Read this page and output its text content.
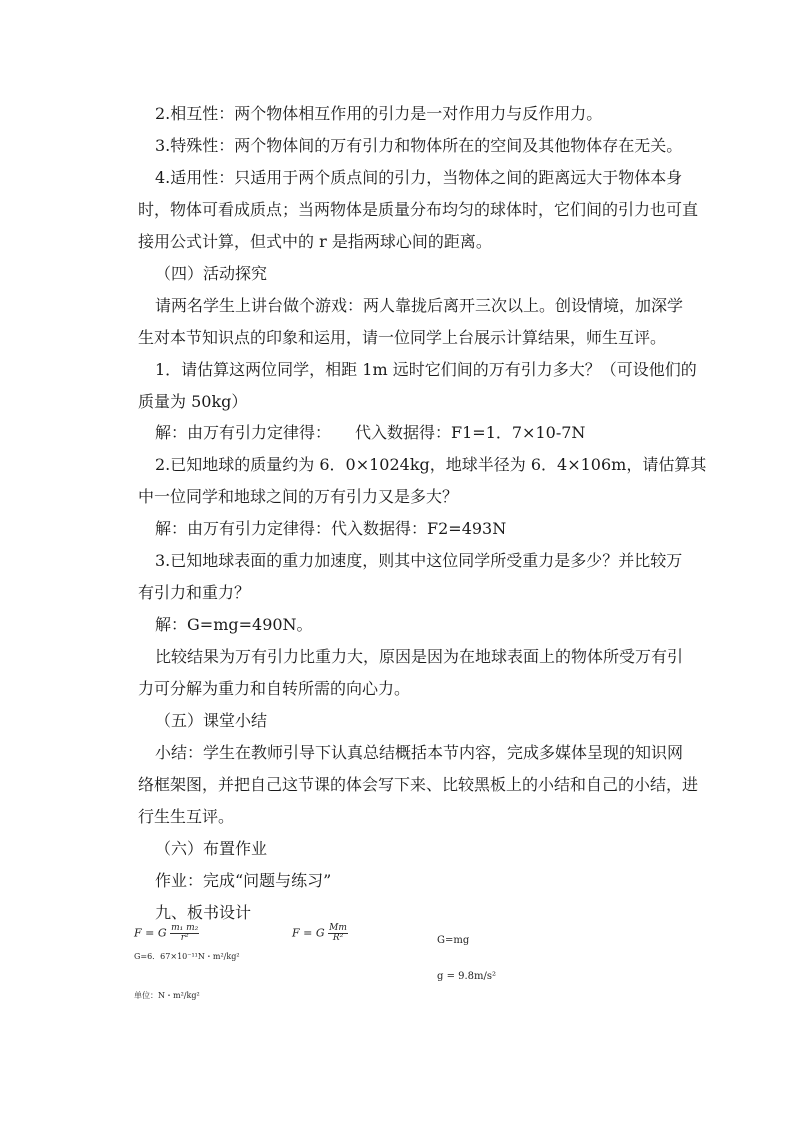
2.相互性：两个物体相互作用的引力是一对作用力与反作用力。
3.特殊性：两个物体间的万有引力和物体所在的空间及其他物体存在无关。
4.适用性：只适用于两个质点间的引力，当物体之间的距离远大于物体本身
时，物体可看成质点；当两物体是质量分布均匀的球体时，它们间的引力也可直
接用公式计算，但式中的 r 是指两球心间的距离。
（四）活动探究
请两名学生上讲台做个游戏：两人靠拢后离开三次以上。创设情境，加深学
生对本节知识点的印象和运用，请一位同学上台展示计算结果，师生互评。
1．请估算这两位同学，相距 1m 远时它们间的万有引力多大？（可设他们的
质量为 50kg）
解：由万有引力定律得：　　代入数据得：F1=1．7×10-7N
2.已知地球的质量约为 6．0×1024kg，地球半径为 6．4×106m，请估算其
中一位同学和地球之间的万有引力又是多大？
解：由万有引力定律得：代入数据得：F2=493N
3.已知地球表面的重力加速度，则其中这位同学所受重力是多少？并比较万
有引力和重力？
解：G=mg=490N。
比较结果为万有引力比重力大，原因是因为在地球表面上的物体所受万有引
力可分解为重力和自转所需的向心力。
（五）课堂小结
小结：学生在教师引导下认真总结概括本节内容，完成多媒体呈现的知识网
络框架图，并把自己这节课的体会写下来、比较黑板上的小结和自己的小结，进
行生生互评。
（六）布置作业
作业：完成“问题与练习”
九、板书设计
F = G $\frac{\text{m₁ m₂}}{\text{r²}}$	F = G $\frac{Mm}{\text{R²}}$	G=mg
G=6．67×10⁻¹¹N・m²/kg²
g = 9.8m/s²
单位：N・m²/kg²
